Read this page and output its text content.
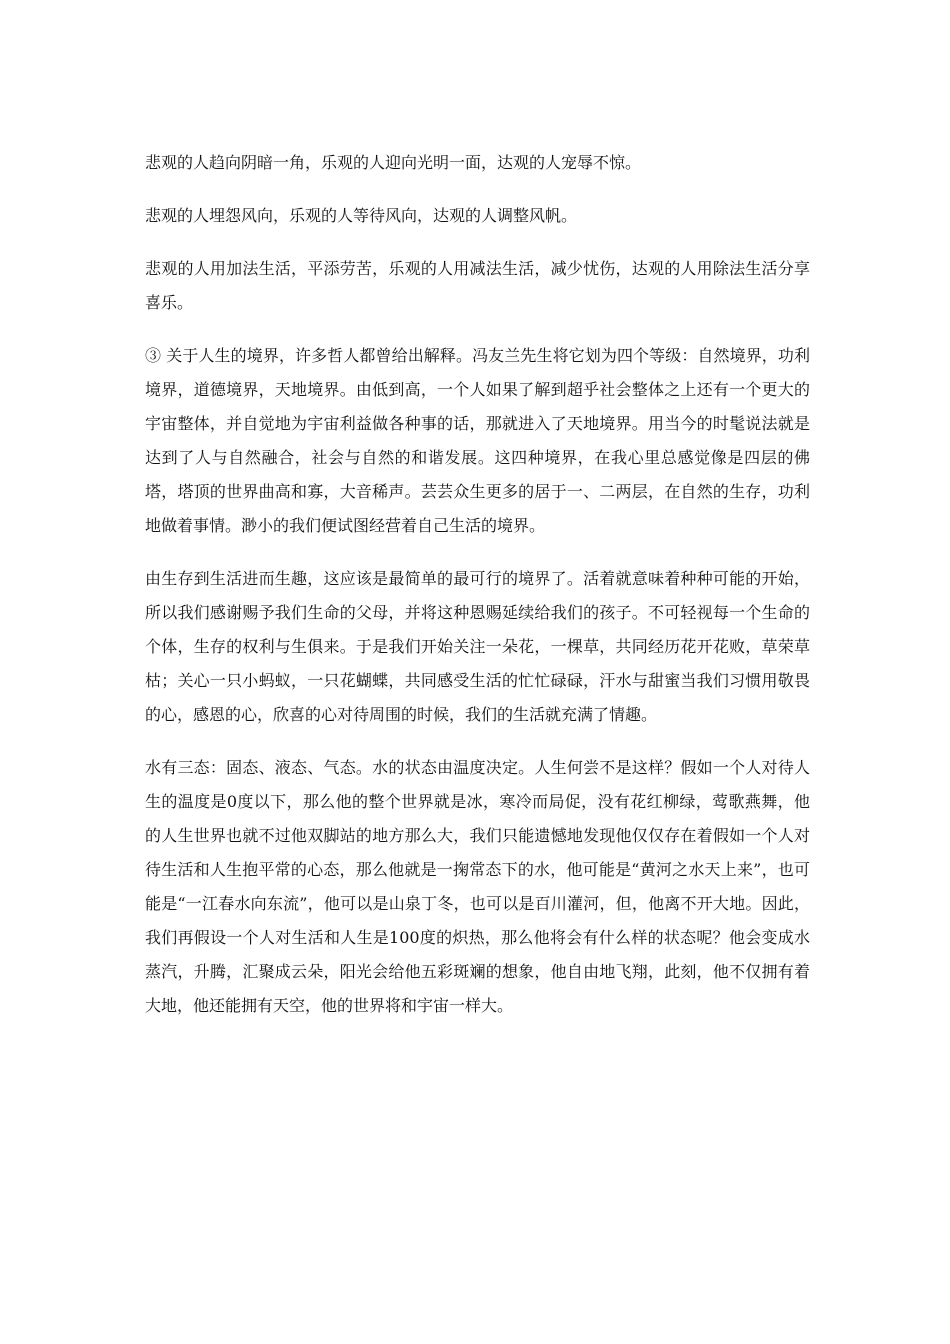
悲观的人趋向阴暗一角，乐观的人迎向光明一面，达观的人宠辱不惊。

悲观的人埋怨风向，乐观的人等待风向，达观的人调整风帆。

悲观的人用加法生活，平添劳苦，乐观的人用减法生活，减少忧伤，达观的人用除法生活分享喜乐。

③ 关于人生的境界，许多哲人都曾给出解释。冯友兰先生将它划为四个等级：自然境界，功利境界，道德境界，天地境界。由低到高，一个人如果了解到超乎社会整体之上还有一个更大的宇宙整体，并自觉地为宇宙利益做各种事的话，那就进入了天地境界。用当今的时髦说法就是达到了人与自然融合，社会与自然的和谐发展。这四种境界，在我心里总感觉像是四层的佛塔，塔顶的世界曲高和寡，大音稀声。芸芸众生更多的居于一、二两层，在自然的生存，功利地做着事情。渺小的我们便试图经营着自己生活的境界。

由生存到生活进而生趣，这应该是最简单的最可行的境界了。活着就意味着种种可能的开始，所以我们感谢赐予我们生命的父母，并将这种恩赐延续给我们的孩子。不可轻视每一个生命的个体，生存的权利与生俱来。于是我们开始关注一朵花，一棵草，共同经历花开花败，草荣草枯；关心一只小蚂蚁，一只花蝴蝶，共同感受生活的忙忙碌碌，汗水与甜蜜当我们习惯用敬畏的心，感恩的心，欣喜的心对待周围的时候，我们的生活就充满了情趣。

水有三态：固态、液态、气态。水的状态由温度决定。人生何尝不是这样？假如一个人对待人生的温度是0度以下，那么他的整个世界就是冰，寒冷而局促，没有花红柳绿，莺歌燕舞，他的人生世界也就不过他双脚站的地方那么大，我们只能遗憾地发现他仅仅存在着假如一个人对待生活和人生抱平常的心态，那么他就是一掬常态下的水，他可能是“黄河之水天上来”，也可能是“一江春水向东流”，他可以是山泉丁冬，也可以是百川灌河，但，他离不开大地。因此，我们再假设一个人对生活和人生是100度的炽热，那么他将会有什么样的状态呢？他会变成水蒸汽，升腾，汇聚成云朵，阳光会给他五彩斑斓的想象，他自由地飞翔，此刻，他不仅拥有着大地，他还能拥有天空，他的世界将和宇宙一样大。
